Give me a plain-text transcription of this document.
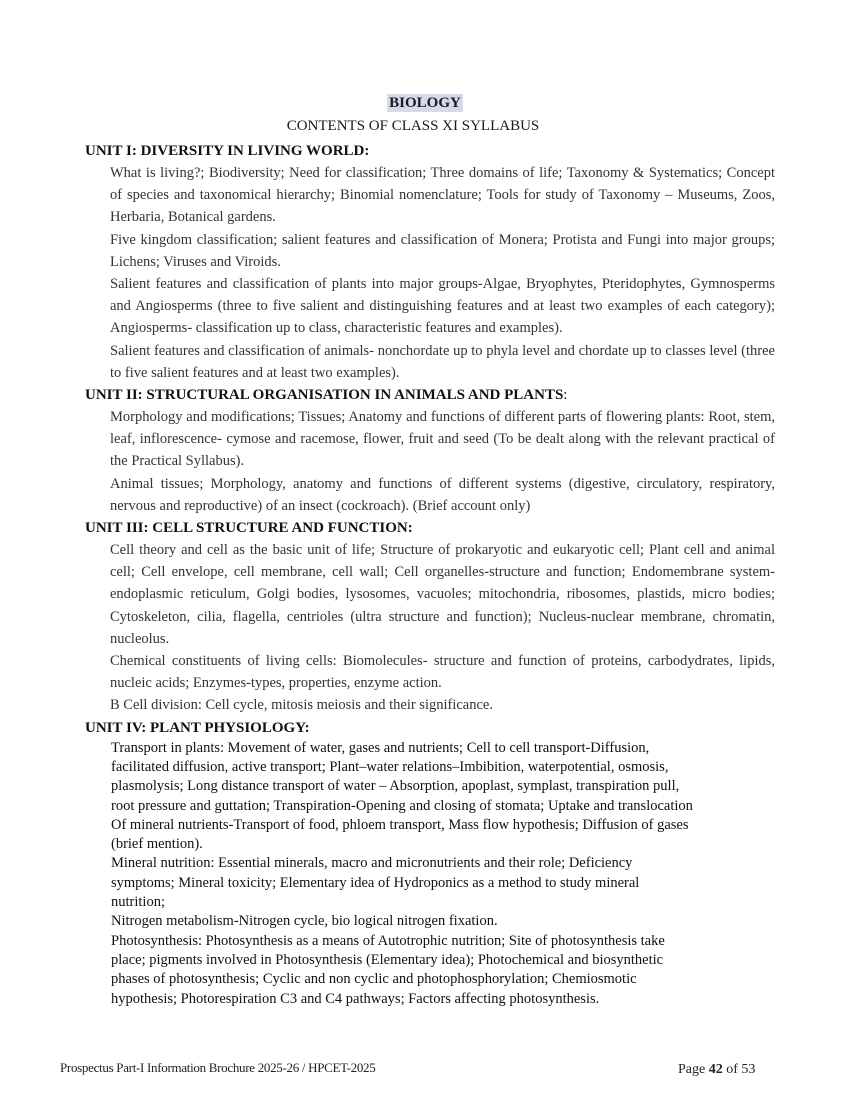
BIOLOGY
CONTENTS OF CLASS XI SYLLABUS

UNIT I: DIVERSITY IN LIVING WORLD:

What is living?; Biodiversity; Need for classification; Three domains of life; Taxonomy & Systematics; Concept of species and taxonomical hierarchy; Binomial nomenclature; Tools for study of Taxonomy – Museums, Zoos, Herbaria, Botanical gardens.

Five kingdom classification; salient features and classification of Monera; Protista and Fungi into major groups; Lichens; Viruses and Viroids.

Salient features and classification of plants into major groups-Algae, Bryophytes, Pteridophytes, Gymnosperms and Angiosperms (three to five salient and distinguishing features and at least two examples of each category); Angiosperms- classification up to class, characteristic features and examples).

Salient features and classification of animals- nonchordate up to phyla level and chordate up to classes level (three to five salient features and at least two examples).

UNIT II: STRUCTURAL ORGANISATION IN ANIMALS AND PLANTS:

Morphology and modifications; Tissues; Anatomy and functions of different parts of flowering plants: Root, stem, leaf, inflorescence- cymose and racemose, flower, fruit and seed (To be dealt along with the relevant practical of the Practical Syllabus).

Animal tissues; Morphology, anatomy and functions of different systems (digestive, circulatory, respiratory, nervous and reproductive) of an insect (cockroach). (Brief account only)

UNIT III: CELL STRUCTURE AND FUNCTION:

Cell theory and cell as the basic unit of life; Structure of prokaryotic and eukaryotic cell; Plant cell and animal cell; Cell envelope, cell membrane, cell wall; Cell organelles-structure and function; Endomembrane system-endoplasmic reticulum, Golgi bodies, lysosomes, vacuoles; mitochondria, ribosomes, plastids, micro bodies; Cytoskeleton, cilia, flagella, centrioles (ultra structure and function); Nucleus-nuclear membrane, chromatin, nucleolus.

Chemical constituents of living cells: Biomolecules- structure and function of proteins, carbodydrates, lipids, nucleic acids; Enzymes-types, properties, enzyme action.

B Cell division: Cell cycle, mitosis meiosis and their significance.

UNIT IV: PLANT PHYSIOLOGY:

Transport in plants: Movement of water, gases and nutrients; Cell to cell transport-Diffusion,

facilitated diffusion, active transport; Plant–water relations–Imbibition, waterpotential, osmosis,

plasmolysis; Long distance transport of water – Absorption, apoplast, symplast, transpiration pull,

root pressure and guttation; Transpiration-Opening and closing of stomata; Uptake and translocation

Of mineral nutrients-Transport of food, phloem transport, Mass flow hypothesis; Diffusion of gases

(brief mention).

Mineral nutrition: Essential minerals, macro and micronutrients and their role; Deficiency

symptoms; Mineral toxicity; Elementary idea of Hydroponics as a method to study mineral

nutrition;

Nitrogen metabolism-Nitrogen cycle, bio logical nitrogen fixation.

Photosynthesis: Photosynthesis as a means of Autotrophic nutrition; Site of photosynthesis take

place; pigments involved in Photosynthesis (Elementary idea); Photochemical and biosynthetic

phases of photosynthesis; Cyclic and non cyclic and photophosphorylation; Chemiosmotic

hypothesis; Photorespiration C3 and C4 pathways; Factors affecting photosynthesis.

Prospectus Part-I Information Brochure 2025-26 / HPCET-2025	Page 42 of 53
